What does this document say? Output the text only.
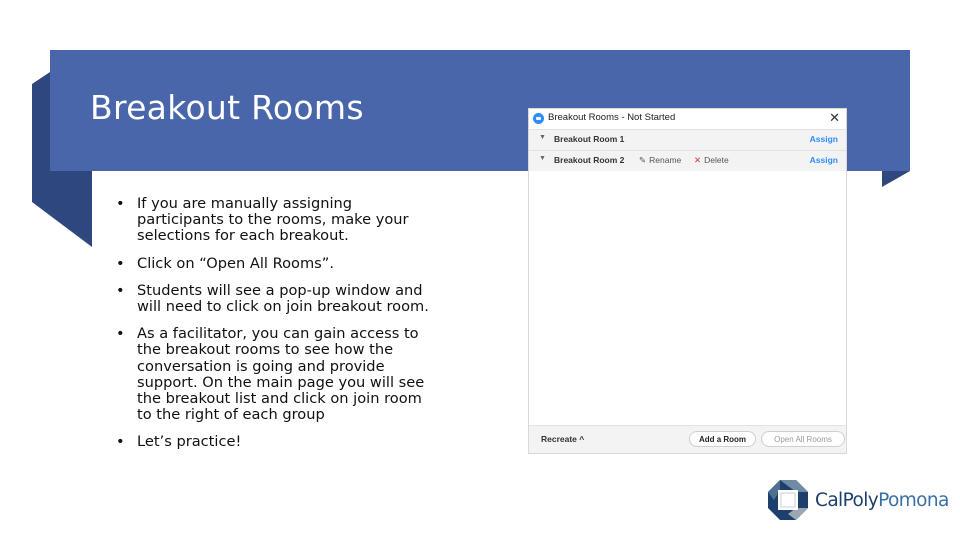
Breakout Rooms
• If you are manually assigning participants to the rooms, make your selections for each breakout.
• Click on “Open All Rooms”.
• Students will see a pop-up window and will need to click on join breakout room.
• As a facilitator, you can gain access to the breakout rooms to see how the conversation is going and provide support. On the main page you will see the breakout list and click on join room to the right of each group
• Let’s practice!
Breakout Rooms - Not Started	✕
▼ Breakout Room 1	Assign
▼ Breakout Room 2 ✎ Rename ✕ Delete	Assign
Recreate ^	Add a Room	Open All Rooms
CalPolyPomona
